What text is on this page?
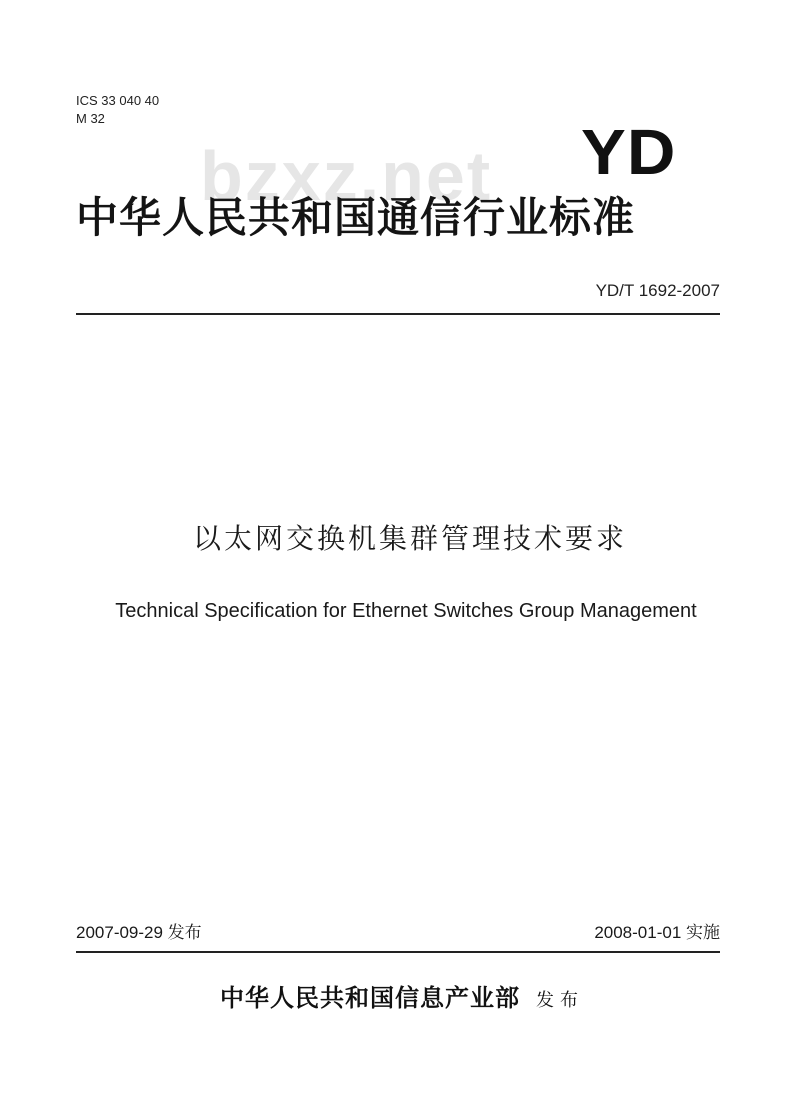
bzxz.net
ICS 33 040 40
M 32	YD
中华人民共和国通信行业标准
YD/T 1692-2007
以太网交换机集群管理技术要求
Technical Specification for Ethernet Switches Group Management
2007-09-29 发布	2008-01-01 实施
中华人民共和国信息产业部 发布
